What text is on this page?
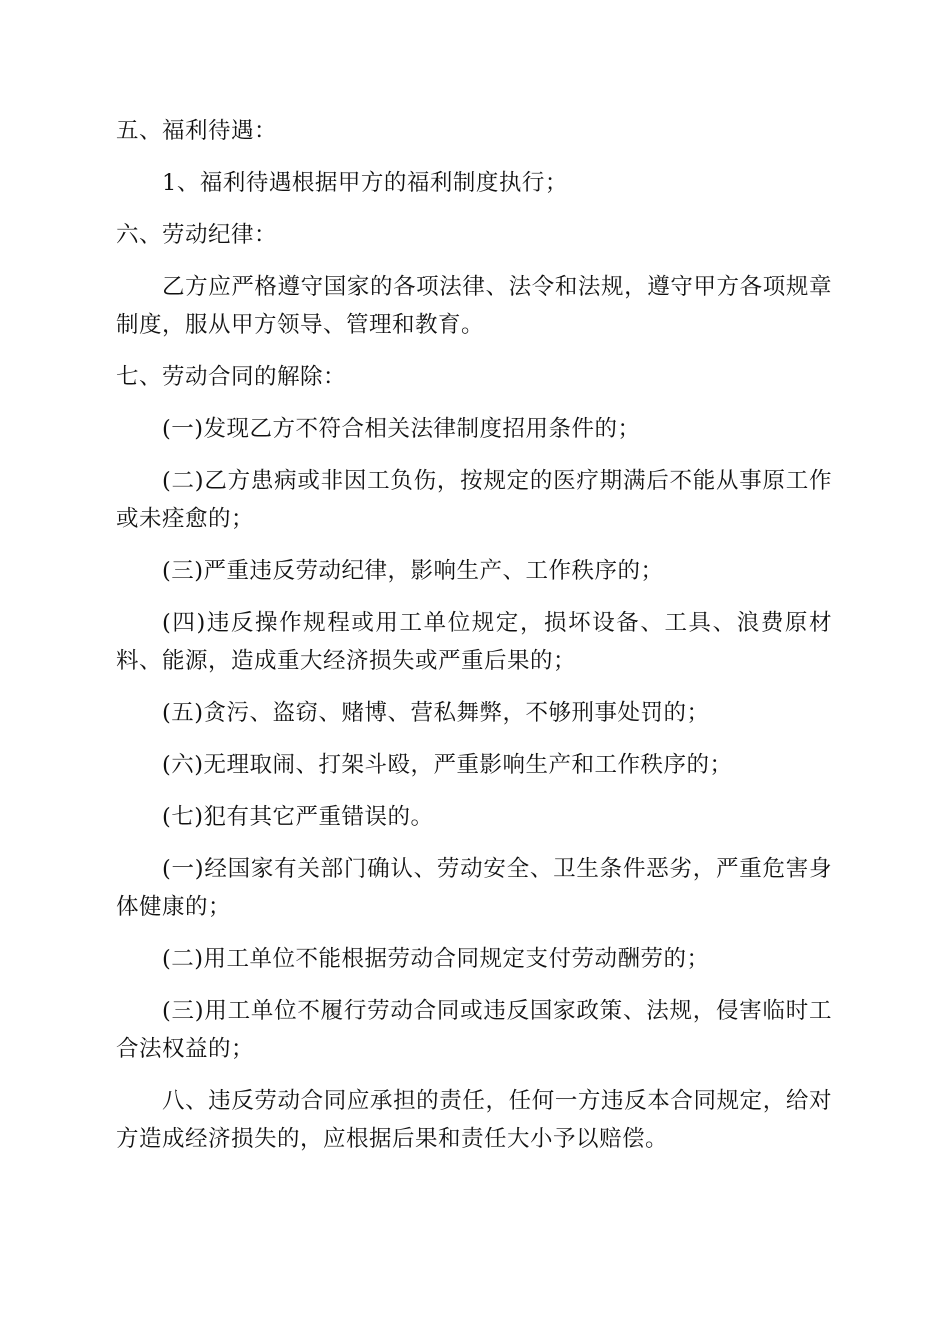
五、福利待遇：

1、福利待遇根据甲方的福利制度执行；

六、劳动纪律：

乙方应严格遵守国家的各项法律、法令和法规，遵守甲方各项规章制度，服从甲方领导、管理和教育。

七、劳动合同的解除：

(一)发现乙方不符合相关法律制度招用条件的；

(二)乙方患病或非因工负伤，按规定的医疗期满后不能从事原工作或未痊愈的；

(三)严重违反劳动纪律，影响生产、工作秩序的；

(四)违反操作规程或用工单位规定，损坏设备、工具、浪费原材料、能源，造成重大经济损失或严重后果的；

(五)贪污、盗窃、赌博、营私舞弊，不够刑事处罚的；

(六)无理取闹、打架斗殴，严重影响生产和工作秩序的；

(七)犯有其它严重错误的。

(一)经国家有关部门确认、劳动安全、卫生条件恶劣，严重危害身体健康的；

(二)用工单位不能根据劳动合同规定支付劳动酬劳的；

(三)用工单位不履行劳动合同或违反国家政策、法规，侵害临时工合法权益的；

八、违反劳动合同应承担的责任，任何一方违反本合同规定，给对方造成经济损失的，应根据后果和责任大小予以赔偿。
